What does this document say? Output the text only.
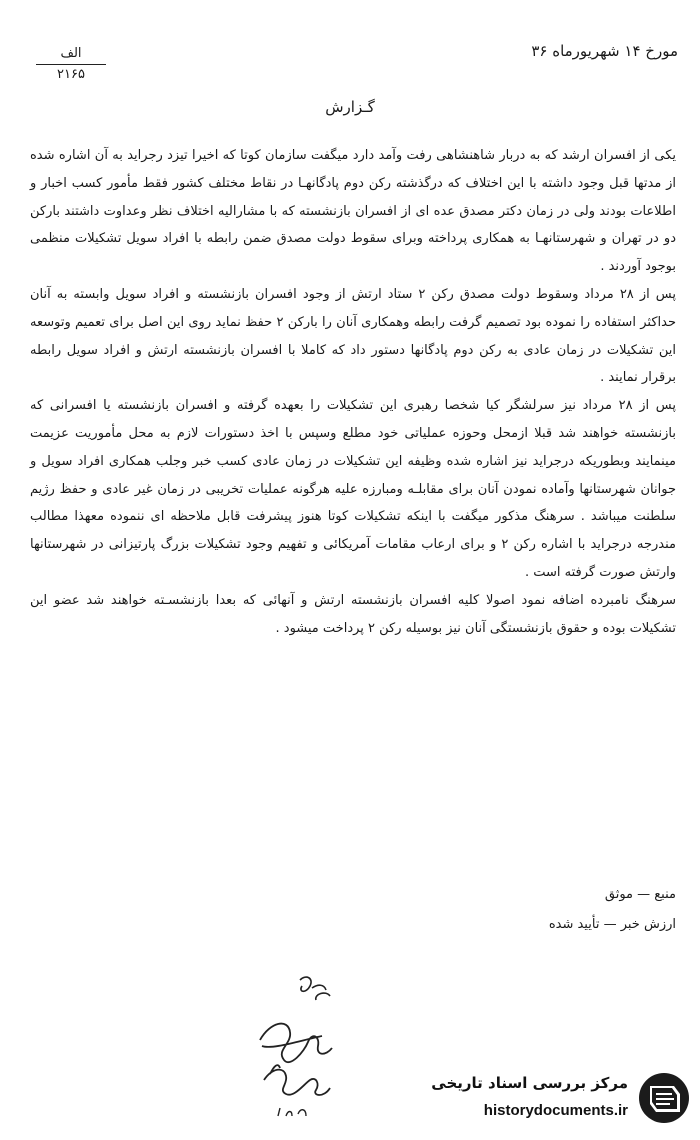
مورخ ۱۴ شهریورماه ۳۶
الف
۲۱۶۵
گـزارش

یکی از افسران ارشد که به دربار شاهنشاهی رفت وآمد دارد میگفت سازمان کوتا که اخیرا تیزد رجراید به آن اشاره شده از مدتها قبل وجود داشته با این اختلاف که درگذشته رکن دوم پادگانهـا در نقاط مختلف کشور فقط مأمور کسب اخبار و اطلاعات بودند ولی در زمان دکتر مصدق عده ای از افسران بازنشسته که با مشارالیه اختلاف نظر وعداوت داشتند بارکن دو در تهران و شهرستانهـا به همکاری پرداخته وبرای سقوط دولت مصدق ضمن رابطه با افراد سویل تشکیلات منظمی بوجود آوردند .

پس از ۲۸ مرداد وسقوط دولت مصدق رکن ۲ ستاد ارتش از وجود افسران بازنشسته و افراد سویل وابسته به آنان حداکثر استفاده را نموده بود تصمیم گرفت رابطه وهمکاری آنان را بارکن ۲ حفظ نماید روی این اصل برای تعمیم وتوسعه این تشکیلات در زمان عادی به رکن دوم پادگانها دستور داد که کاملا با افسران بازنشسته ارتش و افراد سویل رابطه برقرار نمایند .

پس از ۲۸ مرداد نیز سرلشگر کیا شخصا رهبری این تشکیلات را بعهده گرفته و افسران بازنشسته یا افسرانی که بازنشسته خواهند شد قبلا ازمحل وحوزه عملیاتی خود مطلع وسپس با اخذ دستورات لازم به محل مأموریت عزیمت مینمایند وبطوریکه درجراید نیز اشاره شده وظیفه این تشکیلات در زمان عادی کسب خبر وجلب همکاری افراد سویل و جوانان شهرستانها وآماده نمودن آنان برای مقابلـه ومبارزه علیه هرگونه عملیات تخریبی در زمان غیر عادی و حفظ رژیم سلطنت میباشد . سرهنگ مذکور میگفت با اینکه تشکیلات کوتا هنوز پیشرفت قابل ملاحظه ای ننموده معهذا مطالب مندرجه درجراید با اشاره رکن ۲ و برای ارعاب مقامات آمریکائی و تفهیم وجود تشکیلات بزرگ پارتیزانی در شهرستانها وارتش صورت گرفته است .

سرهنگ نامبرده اضافه نمود اصولا کلیه افسران بازنشسته ارتش و آنهائی که بعدا بازنشسـته خواهند شد عضو این تشکیلات بوده و حقوق بازنشستگی آنان نیز بوسیله رکن ۲ پرداخت میشود .

منبع — موثق
ارزش خبر — تأیید شده
مرکز بررسی اسناد تاریخی
historydocuments.ir
